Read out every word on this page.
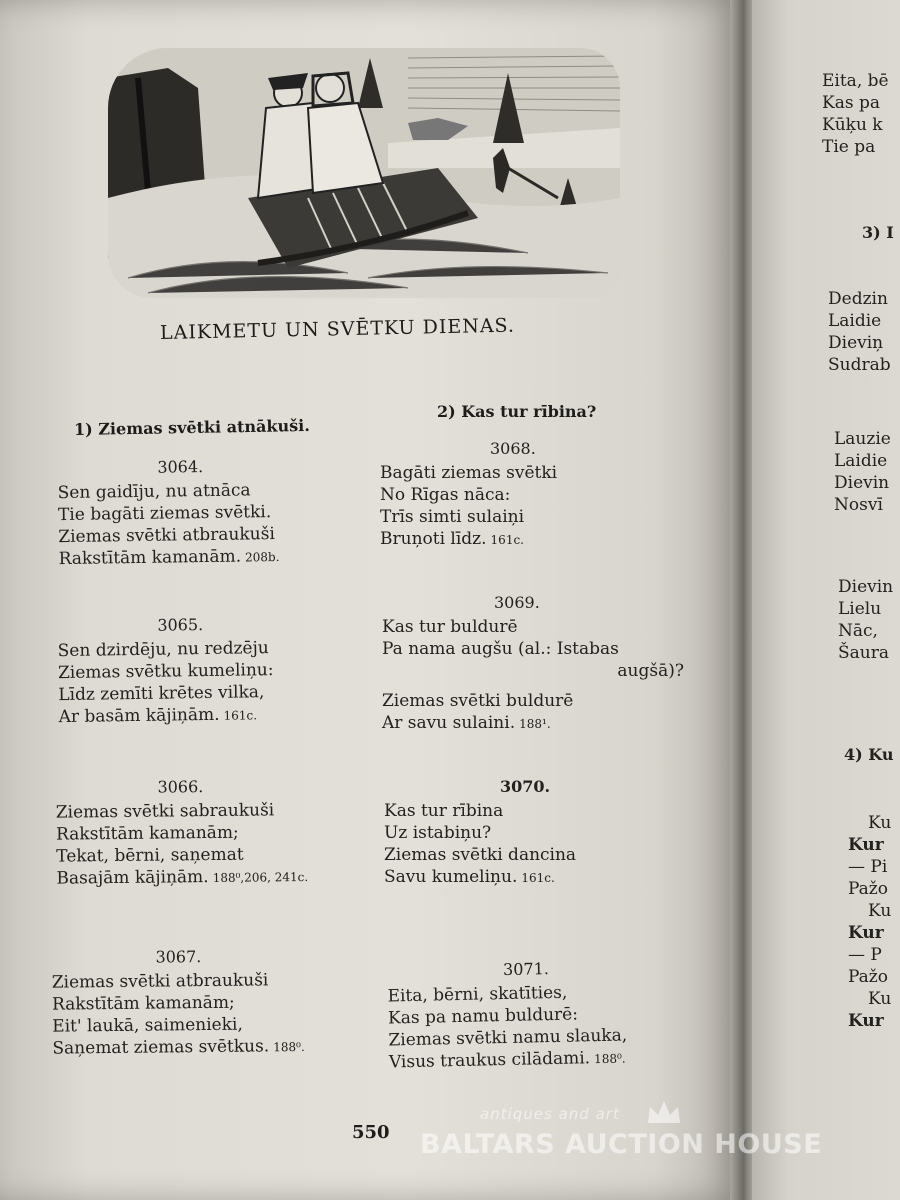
LAIKMETU UN SVĒTKU DIENAS.
1) Ziemas svētki atnākuši.
2) Kas tur rībina?
3064.
Sen gaidīju, nu atnāca
Tie bagāti ziemas svētki.
Ziemas svētki atbraukuši
Rakstītām kamanām. 208b.
3065.
Sen dzirdēju, nu redzēju
Ziemas svētku kumeliņu:
Līdz zemīti krētes vilka,
Ar basām kājiņām. 161c.
3066.
Ziemas svētki sabraukuši
Rakstītām kamanām;
Tekat, bērni, saņemat
Basajām kājiņām. 188⁰,206, 241c.
3067.
Ziemas svētki atbraukuši
Rakstītām kamanām;
Eit' laukā, saimenieki,
Saņemat ziemas svētkus. 188⁰.
3068.
Bagāti ziemas svētki
No Rīgas nāca:
Trīs simti sulaiņi
Bruņoti līdz. 161c.
3069.
Kas tur buldurē
Pa nama augšu (al.: Istabas
augšā)?
Ziemas svētki buldurē
Ar savu sulaini. 188¹.
3070.
Kas tur rībina
Uz istabiņu?
Ziemas svētki dancina
Savu kumeliņu. 161c.
3071.
Eita, bērni, skatīties,
Kas pa namu buldurē:
Ziemas svētki namu slauka,
Visus traukus cilādami. 188⁰.
550
Eita, bē
Kas pa
Kūķu k
Tie pa
3) I
Dedzin
Laidie
Dieviņ
Sudrab
Lauzie
Laidie
Dievin
Nosvī
Dievin
Lielu
Nāc,
Šaura
4) Ku
Ku
Kur
— Pi
Pažo
Ku
Kur
— P
Pažo
Ku
Kur
antiques and art
BALTARS AUCTION HOUSE
